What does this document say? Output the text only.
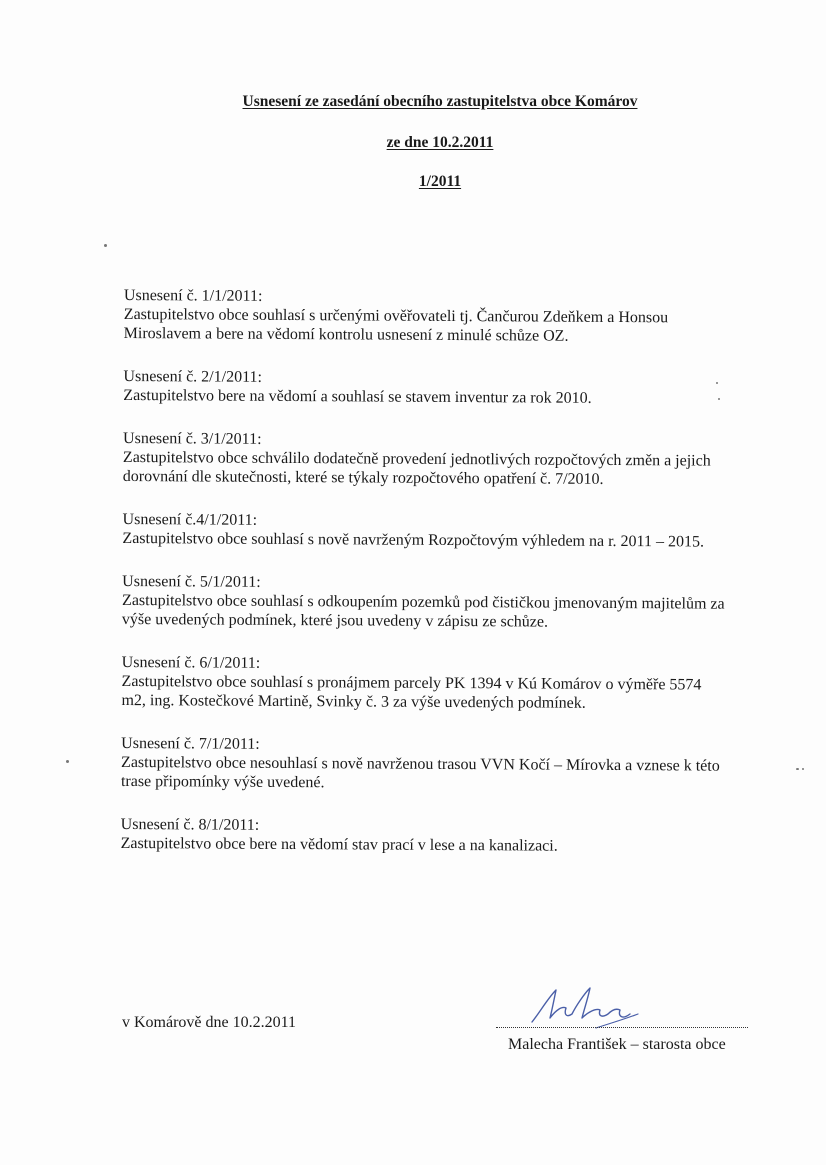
Usnesení ze zasedání obecního zastupitelstva obce Komárov
ze dne 10.2.2011
1/2011
Usnesení č. 1/1/2011:
Zastupitelstvo obce souhlasí s určenými ověřovateli tj. Čančurou Zdeňkem a Honsou
Miroslavem a bere na vědomí kontrolu usnesení z minulé schůze OZ.
Usnesení č. 2/1/2011:
Zastupitelstvo bere na vědomí a souhlasí se stavem inventur za rok 2010.
Usnesení č. 3/1/2011:
Zastupitelstvo obce schválilo dodatečně provedení jednotlivých rozpočtových změn a jejich
dorovnání dle skutečnosti, které se týkaly rozpočtového opatření č. 7/2010.
Usnesení č.4/1/2011:
Zastupitelstvo obce souhlasí s nově navrženým Rozpočtovým výhledem na r. 2011 – 2015.
Usnesení č. 5/1/2011:
Zastupitelstvo obce souhlasí s odkoupením pozemků pod čističkou jmenovaným majitelům za
výše uvedených podmínek, které jsou uvedeny v zápisu ze schůze.
Usnesení č. 6/1/2011:
Zastupitelstvo obce souhlasí s pronájmem parcely PK 1394 v Kú Komárov o výměře 5574
m2, ing. Kostečkové Martině, Svinky č. 3 za výše uvedených podmínek.
Usnesení č. 7/1/2011:
Zastupitelstvo obce nesouhlasí s nově navrženou trasou VVN Kočí – Mírovka a vznese k této
trase připomínky výše uvedené.
Usnesení č. 8/1/2011:
Zastupitelstvo obce bere na vědomí stav prací v lese a na kanalizaci.
v Komárově dne 10.2.2011
Malecha František – starosta obce
